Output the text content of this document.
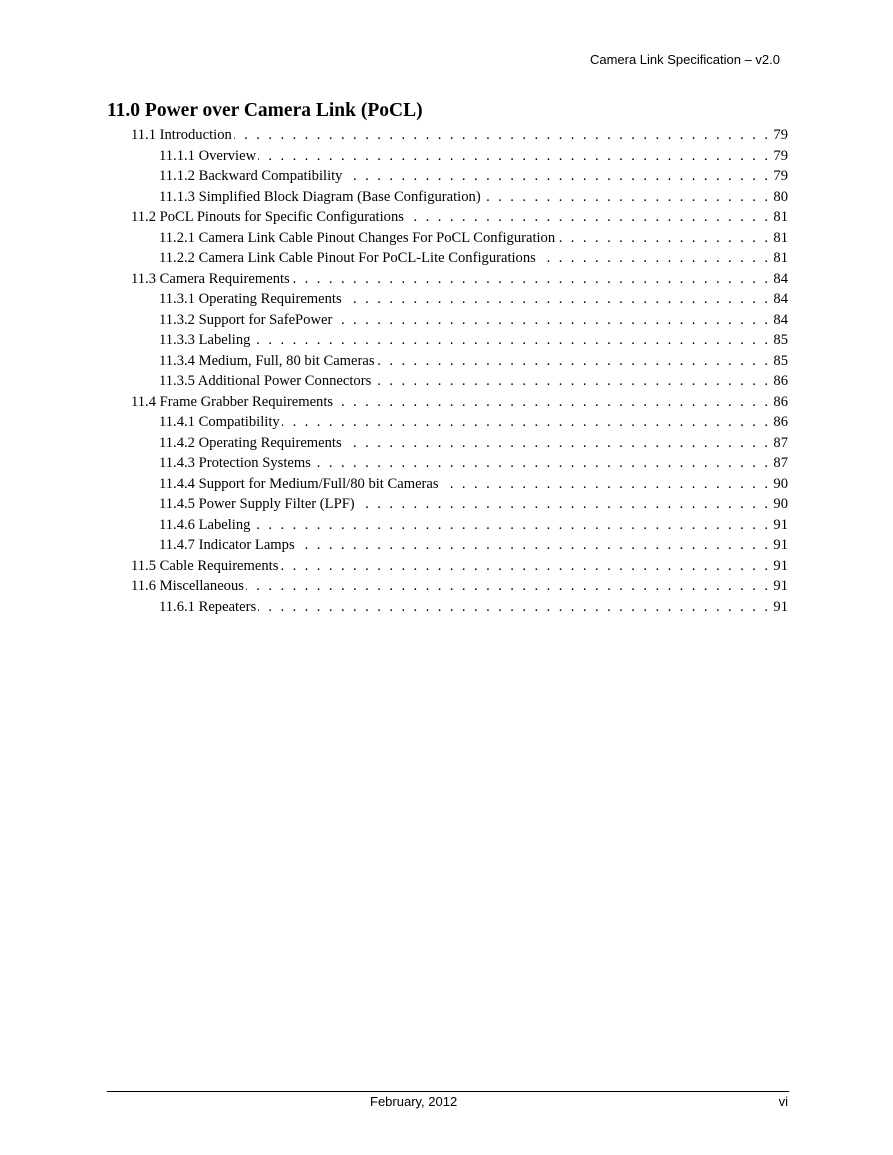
Camera Link Specification – v2.0
11.0 Power over Camera Link (PoCL)
11.1 Introduction . . .	79
11.1.1 Overview . . .	79
11.1.2 Backward Compatibility . . .	79
11.1.3 Simplified Block Diagram (Base Configuration) . . .	80
11.2 PoCL Pinouts for Specific Configurations . . .	81
11.2.1 Camera Link Cable Pinout Changes For PoCL Configuration . . .	81
11.2.2 Camera Link Cable Pinout For PoCL-Lite Configurations . . .	81
11.3 Camera Requirements . . .	84
11.3.1 Operating Requirements . . .	84
11.3.2 Support for SafePower . . .	84
11.3.3 Labeling . . .	85
11.3.4 Medium, Full, 80 bit Cameras . . .	85
11.3.5 Additional Power Connectors . . .	86
11.4 Frame Grabber Requirements . . .	86
11.4.1 Compatibility . . .	86
11.4.2 Operating Requirements . . .	87
11.4.3 Protection Systems . . .	87
11.4.4 Support for Medium/Full/80 bit Cameras . . .	90
11.4.5 Power Supply Filter (LPF) . . .	90
11.4.6 Labeling . . .	91
11.4.7 Indicator Lamps . . .	91
11.5 Cable Requirements . . .	91
11.6 Miscellaneous . . .	91
11.6.1 Repeaters . . .	91
February, 2012	vi
